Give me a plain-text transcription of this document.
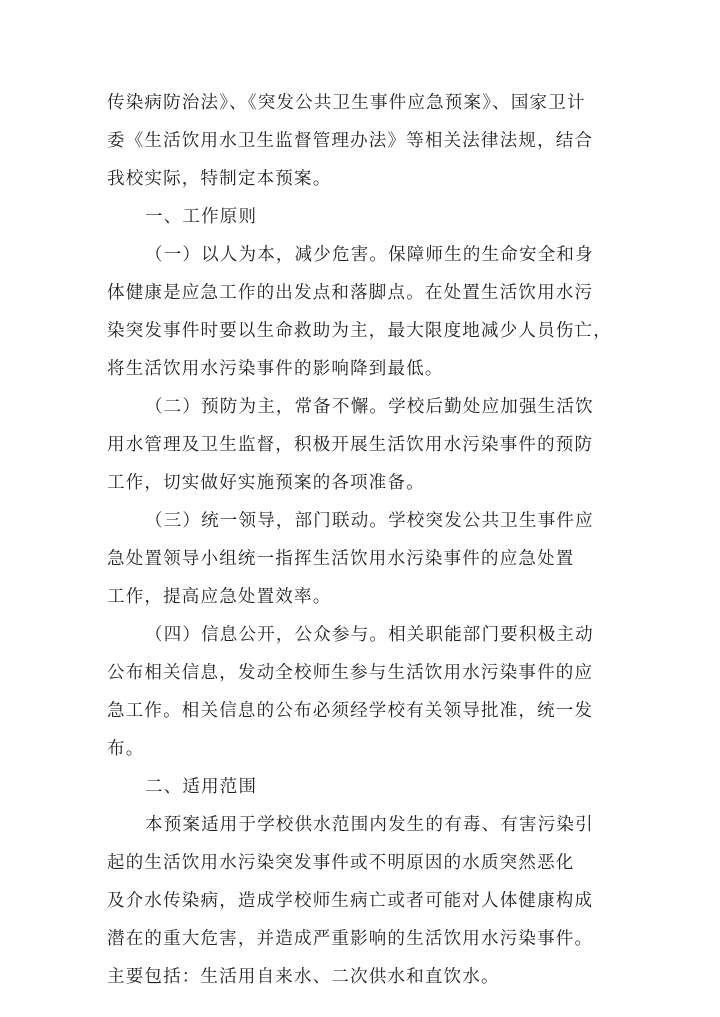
传染病防治法》、《突发公共卫生事件应急预案》、国家卫计

委《生活饮用水卫生监督管理办法》等相关法律法规，结合

我校实际，特制定本预案。

一、工作原则

（一）以人为本，减少危害。保障师生的生命安全和身

体健康是应急工作的出发点和落脚点。在处置生活饮用水污

染突发事件时要以生命救助为主，最大限度地减少人员伤亡，

将生活饮用水污染事件的影响降到最低。

（二）预防为主，常备不懈。学校后勤处应加强生活饮

用水管理及卫生监督，积极开展生活饮用水污染事件的预防

工作，切实做好实施预案的各项准备。

（三）统一领导，部门联动。学校突发公共卫生事件应

急处置领导小组统一指挥生活饮用水污染事件的应急处置

工作，提高应急处置效率。

（四）信息公开，公众参与。相关职能部门要积极主动

公布相关信息，发动全校师生参与生活饮用水污染事件的应

急工作。相关信息的公布必须经学校有关领导批准，统一发

布。

二、适用范围

本预案适用于学校供水范围内发生的有毒、有害污染引

起的生活饮用水污染突发事件或不明原因的水质突然恶化

及介水传染病，造成学校师生病亡或者可能对人体健康构成

潜在的重大危害，并造成严重影响的生活饮用水污染事件。

主要包括：生活用自来水、二次供水和直饮水。
